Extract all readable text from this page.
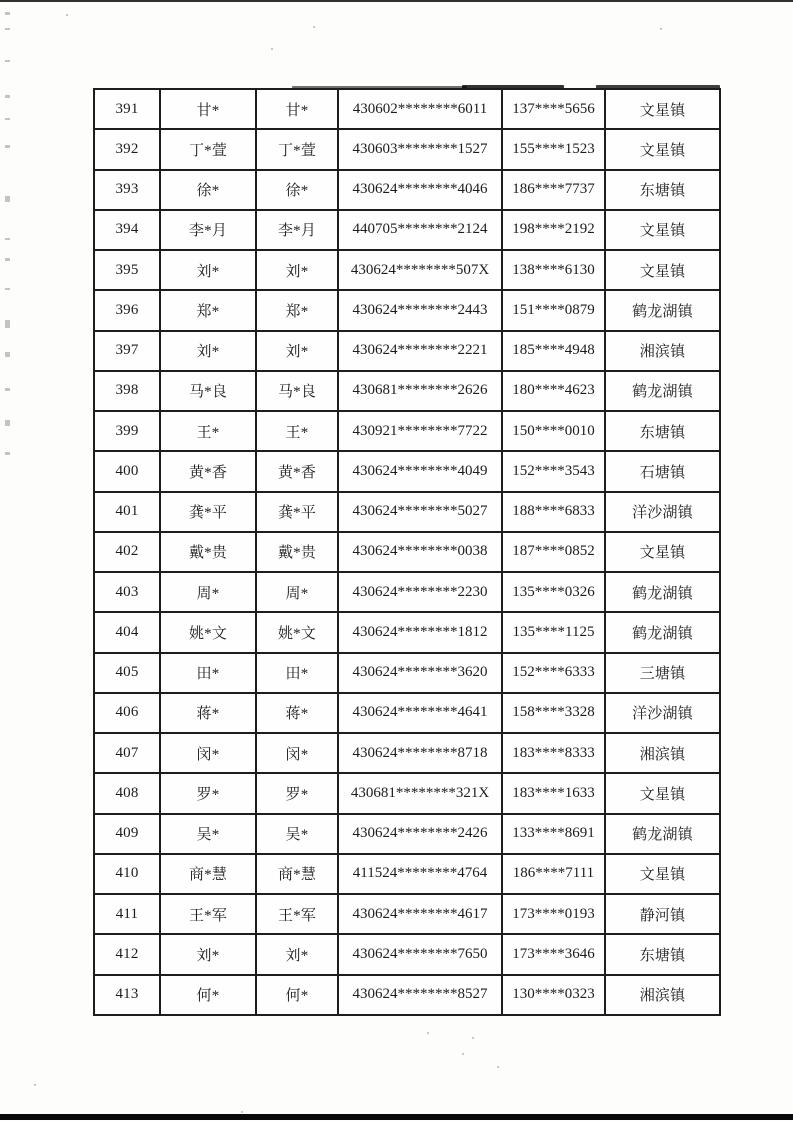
391	甘*	甘*	430602********6011	137****5656	文星镇
392	丁*萱	丁*萱	430603********1527	155****1523	文星镇
393	徐*	徐*	430624********4046	186****7737	东塘镇
394	李*月	李*月	440705********2124	198****2192	文星镇
395	刘*	刘*	430624********507X	138****6130	文星镇
396	郑*	郑*	430624********2443	151****0879	鹤龙湖镇
397	刘*	刘*	430624********2221	185****4948	湘滨镇
398	马*良	马*良	430681********2626	180****4623	鹤龙湖镇
399	王*	王*	430921********7722	150****0010	东塘镇
400	黄*香	黄*香	430624********4049	152****3543	石塘镇
401	龚*平	龚*平	430624********5027	188****6833	洋沙湖镇
402	戴*贵	戴*贵	430624********0038	187****0852	文星镇
403	周*	周*	430624********2230	135****0326	鹤龙湖镇
404	姚*文	姚*文	430624********1812	135****1125	鹤龙湖镇
405	田*	田*	430624********3620	152****6333	三塘镇
406	蒋*	蒋*	430624********4641	158****3328	洋沙湖镇
407	闵*	闵*	430624********8718	183****8333	湘滨镇
408	罗*	罗*	430681********321X	183****1633	文星镇
409	吴*	吴*	430624********2426	133****8691	鹤龙湖镇
410	商*慧	商*慧	411524********4764	186****7111	文星镇
411	王*军	王*军	430624********4617	173****0193	静河镇
412	刘*	刘*	430624********7650	173****3646	东塘镇
413	何*	何*	430624********8527	130****0323	湘滨镇
